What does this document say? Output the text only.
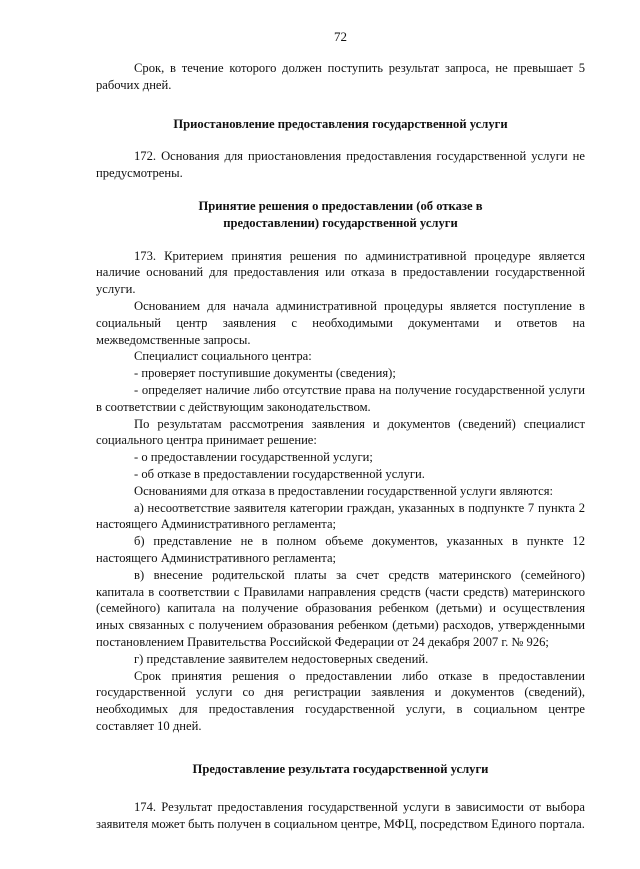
72

Срок, в течение которого должен поступить результат запроса, не превышает 5 рабочих дней.

Приостановление предоставления государственной услуги

172. Основания для приостановления предоставления государственной услуги не предусмотрены.

Принятие решения о предоставлении (об отказе в предоставлении) государственной услуги

173. Критерием принятия решения по административной процедуре является наличие оснований для предоставления или отказа в предоставлении государственной услуги.

Основанием для начала административной процедуры является поступление в социальный центр заявления с необходимыми документами и ответов на межведомственные запросы.

Специалист социального центра:

- проверяет поступившие документы (сведения);

- определяет наличие либо отсутствие права на получение государственной услуги в соответствии с действующим законодательством.

По результатам рассмотрения заявления и документов (сведений) специалист социального центра принимает решение:

- о предоставлении государственной услуги;

- об отказе в предоставлении государственной услуги.

Основаниями для отказа в предоставлении государственной услуги являются:

а) несоответствие заявителя категории граждан, указанных в подпункте 7 пункта 2 настоящего Административного регламента;

б) представление не в полном объеме документов, указанных в пункте 12 настоящего Административного регламента;

в) внесение родительской платы за счет средств материнского (семейного) капитала в соответствии с Правилами направления средств (части средств) материнского (семейного) капитала на получение образования ребенком (детьми) и осуществления иных связанных с получением образования ребенком (детьми) расходов, утвержденными постановлением Правительства Российской Федерации от 24 декабря 2007 г. № 926;

г) представление заявителем недостоверных сведений.

Срок принятия решения о предоставлении либо отказе в предоставлении государственной услуги со дня регистрации заявления и документов (сведений), необходимых для предоставления государственной услуги, в социальном центре составляет 10 дней.

Предоставление результата государственной услуги

174. Результат предоставления государственной услуги в зависимости от выбора заявителя может быть получен в социальном центре, МФЦ, посредством Единого портала.
